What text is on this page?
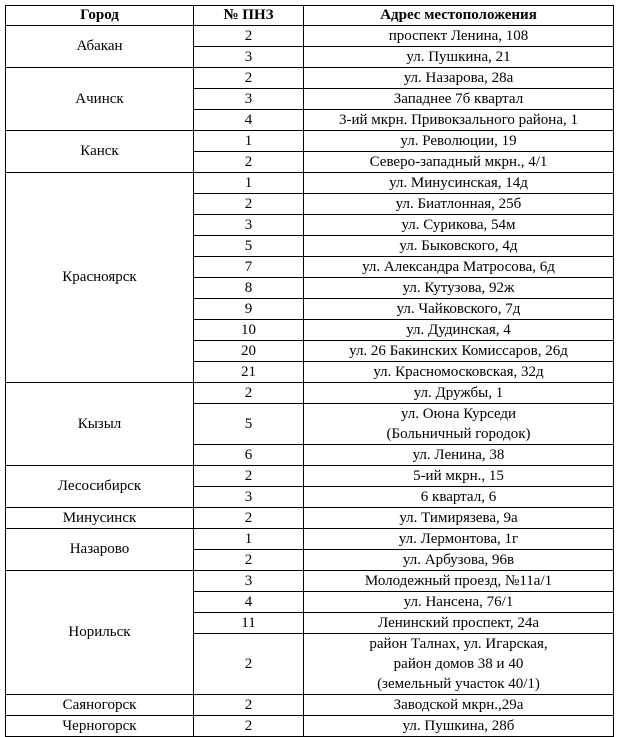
Город	№ ПНЗ	Адрес местоположения
Абакан	2	проспект Ленина, 108

	3	ул. Пушкина, 21

Ачинск	2	ул. Назарова, 28а

	3	Западнее 7б квартал

	4	3-ий мкрн. Привокзального района, 1

Канск	1	ул. Революции, 19

	2	Северо-западный мкрн., 4/1

Красноярск	1	ул. Минусинская, 14д

	2	ул. Биатлонная, 25б

	3	ул. Сурикова, 54м

	5	ул. Быковского, 4д

	7	ул. Александра Матросова, 6д

	8	ул. Кутузова, 92ж

	9	ул. Чайковского, 7д

	10	ул. Дудинская, 4

	20	ул. 26 Бакинских Комиссаров, 26д

	21	ул. Красномосковская, 32д

Кызыл	2	ул. Дружбы, 1

	5	ул. Оюна Курседи
(Больничный городок)

	6	ул. Ленина, 38

Лесосибирск	2	5-ий мкрн., 15

	3	6 квартал, 6

Минусинск	2	ул. Тимирязева, 9а

Назарово	1	ул. Лермонтова, 1г

	2	ул. Арбузова, 96в

Норильск	3	Молодежный проезд, №11а/1

	4	ул. Нансена, 76/1

	11	Ленинский проспект, 24а

	2	район Талнах, ул. Игарская,
район домов 38 и 40
(земельный участок 40/1)

Саяногорск	2	Заводской мкрн.,29а

Черногорск	2	ул. Пушкина, 28б
